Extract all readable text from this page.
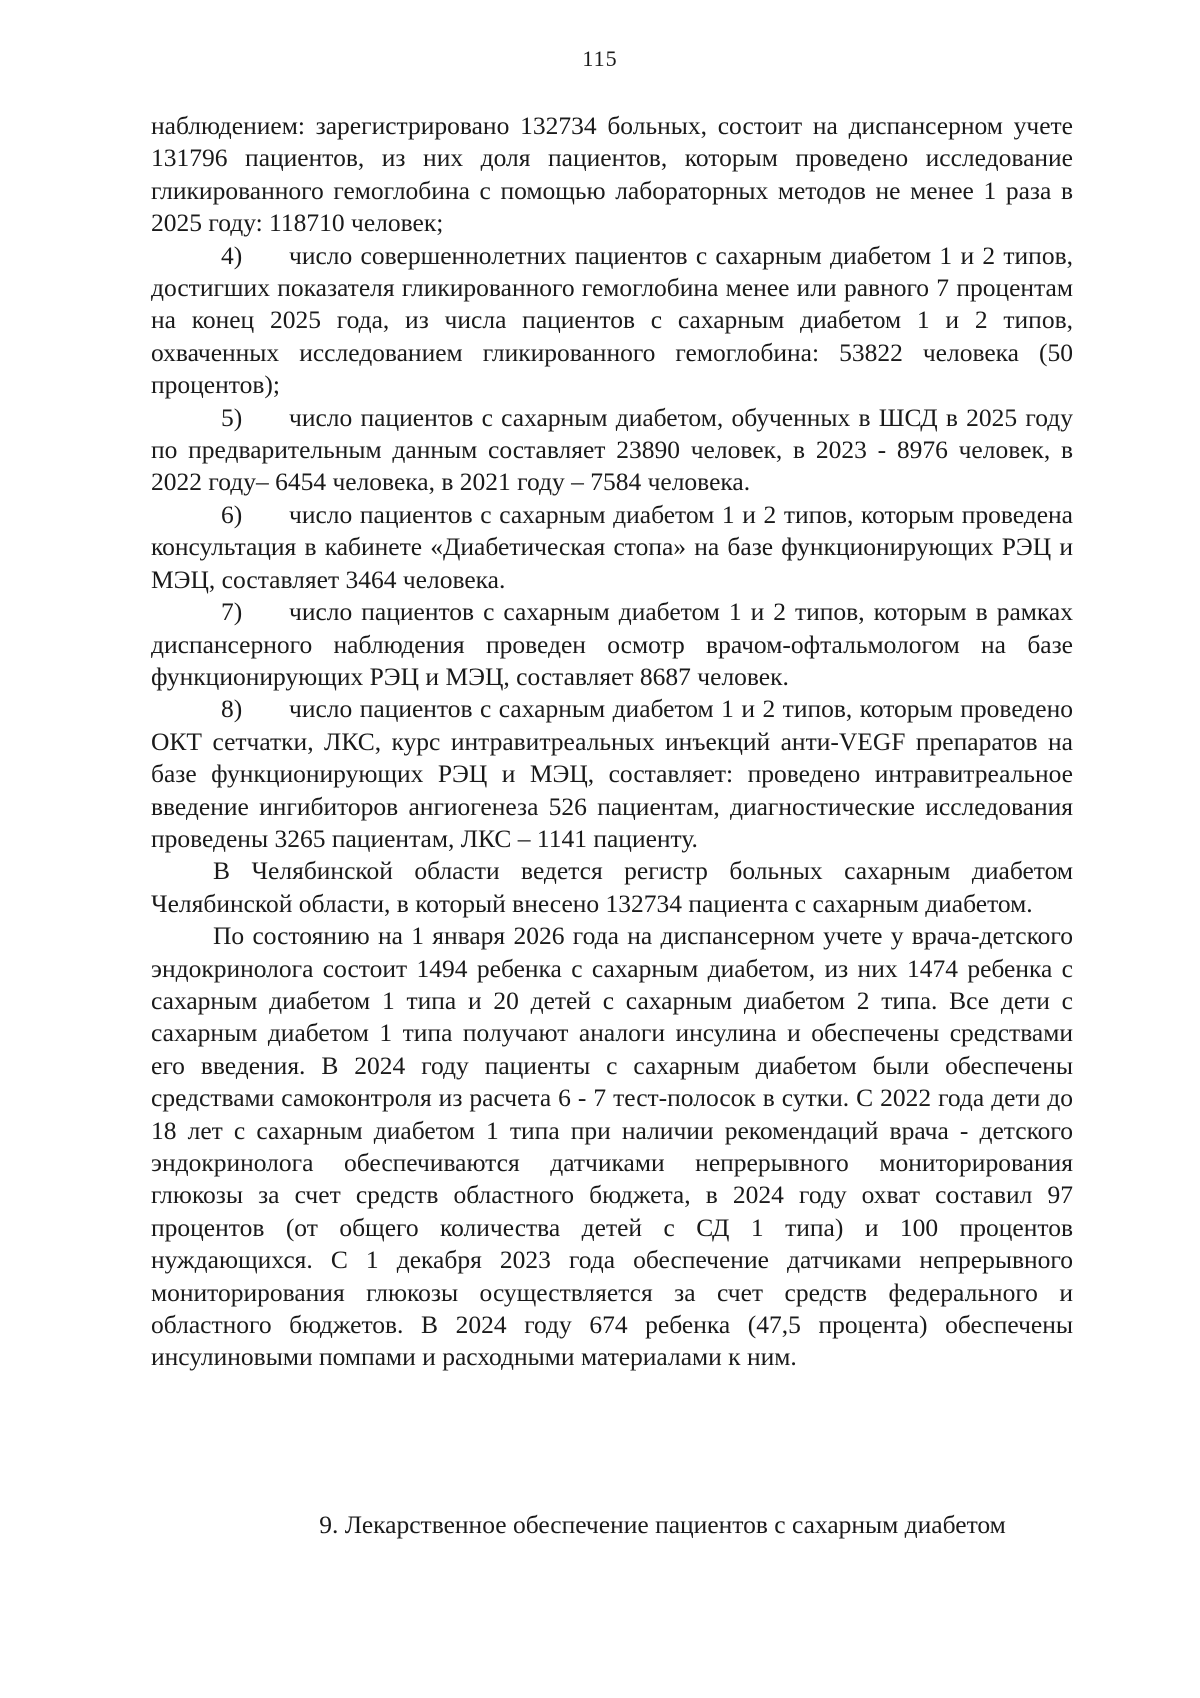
115

наблюдением: зарегистрировано 132734 больных, состоит на диспансерном учете 131796 пациентов, из них доля пациентов, которым проведено исследование гликированного гемоглобина с помощью лабораторных методов не менее 1 раза в 2025 году: 118710 человек;

4) число совершеннолетних пациентов с сахарным диабетом 1 и 2 типов, достигших показателя гликированного гемоглобина менее или равного 7 процентам на конец 2025 года, из числа пациентов с сахарным диабетом 1 и 2 типов, охваченных исследованием гликированного гемоглобина: 53822 человека (50 процентов);

5) число пациентов с сахарным диабетом, обученных в ШСД в 2025 году по предварительным данным составляет 23890 человек, в 2023 - 8976 человек, в 2022 году– 6454 человека, в 2021 году – 7584 человека.

6) число пациентов с сахарным диабетом 1 и 2 типов, которым проведена консультация в кабинете «Диабетическая стопа» на базе функционирующих РЭЦ и МЭЦ, составляет 3464 человека.

7) число пациентов с сахарным диабетом 1 и 2 типов, которым в рамках диспансерного наблюдения проведен осмотр врачом-офтальмологом на базе функционирующих РЭЦ и МЭЦ, составляет 8687 человек.

8) число пациентов с сахарным диабетом 1 и 2 типов, которым проведено ОКТ сетчатки, ЛКС, курс интравитреальных инъекций анти-VEGF препаратов на базе функционирующих РЭЦ и МЭЦ, составляет: проведено интравитреальное введение ингибиторов ангиогенеза 526 пациентам, диагностические исследования проведены 3265 пациентам, ЛКС – 1141 пациенту.

В Челябинской области ведется регистр больных сахарным диабетом Челябинской области, в который внесено 132734 пациента с сахарным диабетом.

По состоянию на 1 января 2026 года на диспансерном учете у врача-детского эндокринолога состоит 1494 ребенка с сахарным диабетом, из них 1474 ребенка с сахарным диабетом 1 типа и 20 детей с сахарным диабетом 2 типа. Все дети с сахарным диабетом 1 типа получают аналоги инсулина и обеспечены средствами его введения. В 2024 году пациенты с сахарным диабетом были обеспечены средствами самоконтроля из расчета 6 - 7 тест-полосок в сутки. С 2022 года дети до 18 лет с сахарным диабетом 1 типа при наличии рекомендаций врача - детского эндокринолога обеспечиваются датчиками непрерывного мониторирования глюкозы за счет средств областного бюджета, в 2024 году охват составил 97 процентов (от общего количества детей с СД 1 типа) и 100 процентов нуждающихся. С 1 декабря 2023 года обеспечение датчиками непрерывного мониторирования глюкозы осуществляется за счет средств федерального и областного бюджетов. В 2024 году 674 ребенка (47,5 процента) обеспечены инсулиновыми помпами и расходными материалами к ним.

9. Лекарственное обеспечение пациентов с сахарным диабетом
